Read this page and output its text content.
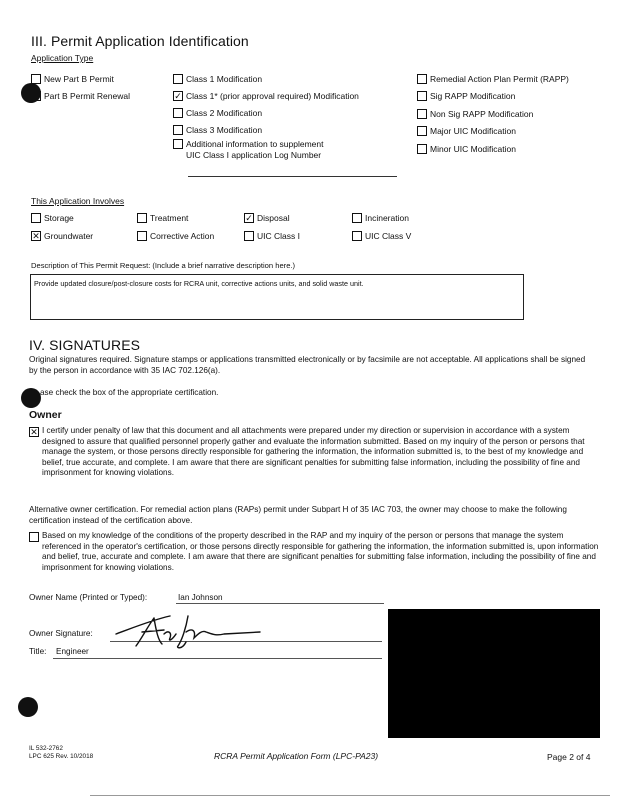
III. Permit Application Identification
Application Type
New Part B Permit
Part B Permit Renewal
Class 1 Modification
✓ Class 1* (prior approval required) Modification
Class 2 Modification
Class 3 Modification
Additional information to supplement
UIC Class I application Log Number
Remedial Action Plan Permit (RAPP)
Sig RAPP Modification
Non Sig RAPP Modification
Major UIC Modification
Minor UIC Modification
This Application Involves
Storage	Treatment	✓ Disposal	Incineration
✕ Groundwater	Corrective Action	UIC Class I	UIC Class V
Description of This Permit Request: (Include a brief narrative description here.)
Provide updated closure/post-closure costs for RCRA unit, corrective actions units, and solid waste unit.
IV. SIGNATURES
Original signatures required. Signature stamps or applications transmitted electronically or by facsimile are not acceptable. All applications shall be signed by the person in accordance with 35 IAC 702.126(a).
ase check the box of the appropriate certification.
Owner
✕ I certify under penalty of law that this document and all attachments were prepared under my direction or supervision in accordance with a system designed to assure that qualified personnel properly gather and evaluate the information submitted. Based on my inquiry of the person or persons that manage the system, or those persons directly responsible for gathering the information, the information submitted is, to the best of my knowledge and belief, true accurate, and complete. I am aware that there are significant penalties for submitting false information, including the possibility of fine and imprisonment for knowing violations.
Alternative owner certification. For remedial action plans (RAPs) permit under Subpart H of 35 IAC 703, the owner may choose to make the following certification instead of the certification above.
Based on my knowledge of the conditions of the property described in the RAP and my inquiry of the person or persons that manage the system referenced in the operator's certification, or those persons directly responsible for gathering the information, the information submitted is, upon information and belief, true, accurate and complete. I am aware that there are significant penalties for submitting false information, including the possibility of fine and imprisonment for knowing violations.
Owner Name (Printed or Typed):	Ian Johnson
Owner Signature:
Title: Engineer
IL 532-2762
LPC 625 Rev. 10/2018	RCRA Permit Application Form (LPC-PA23)	Page 2 of 4
